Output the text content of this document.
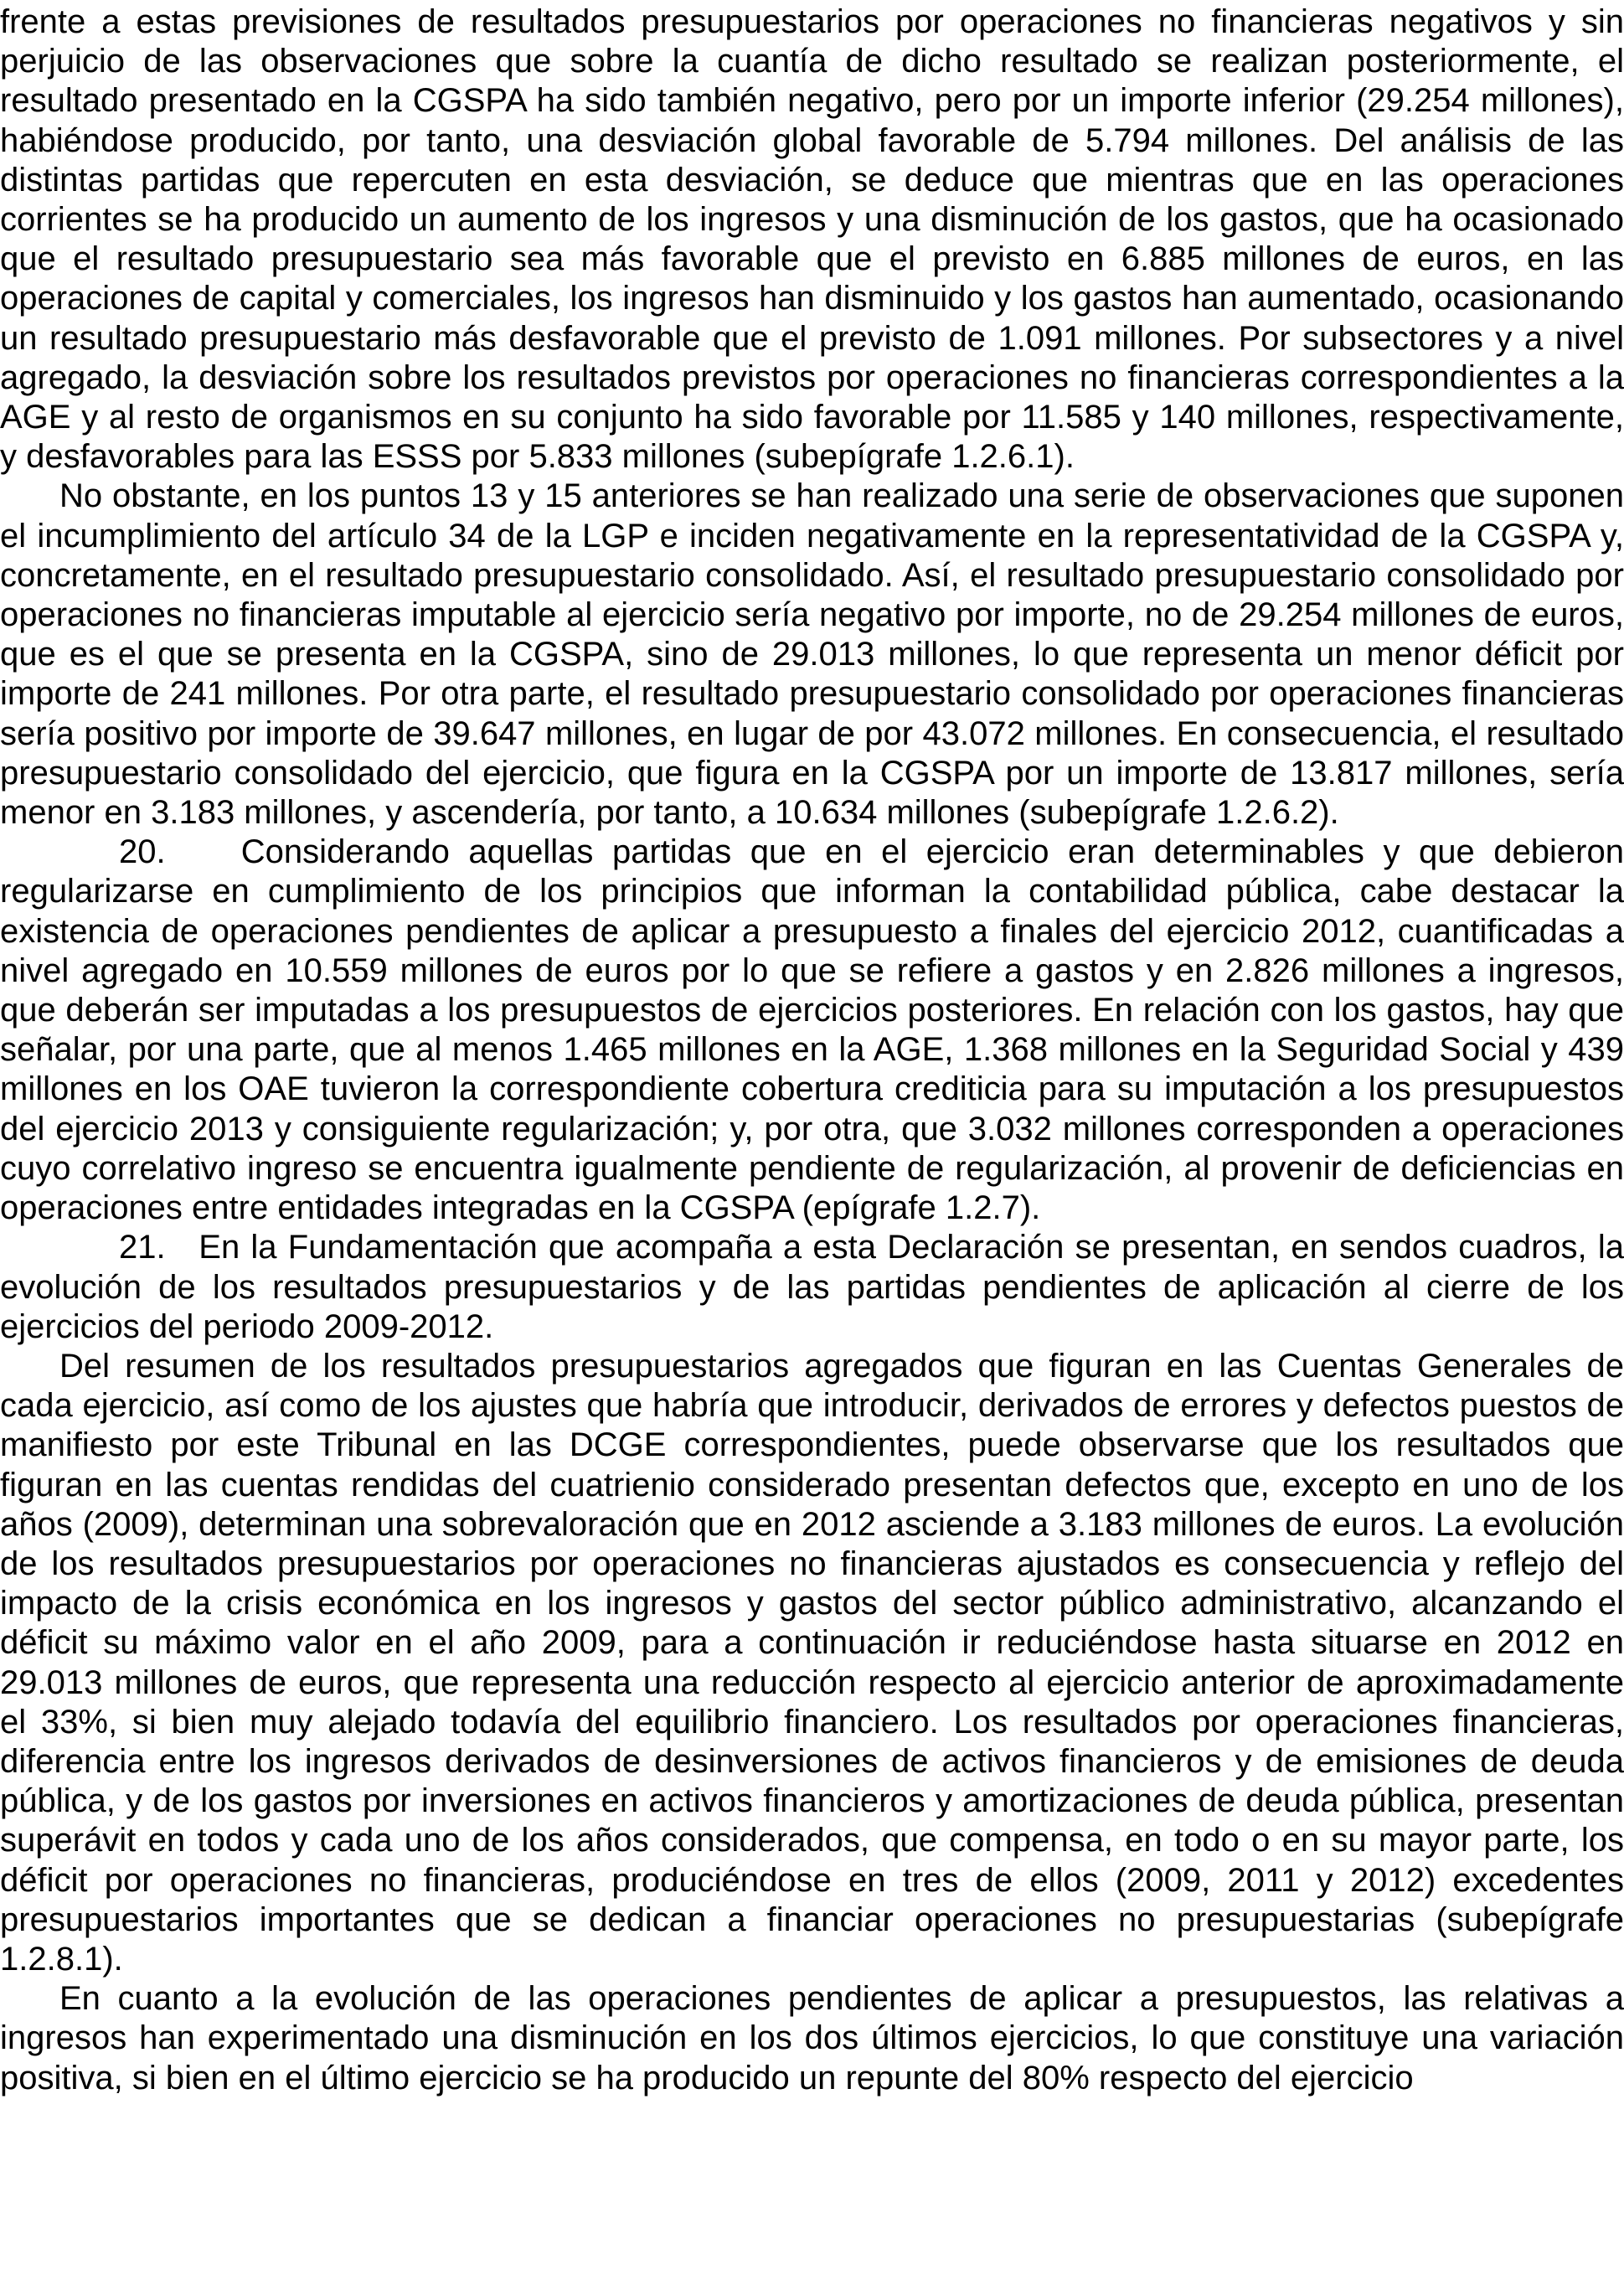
frente a estas previsiones de resultados presupuestarios por operaciones no financieras negativos y sin perjuicio de las observaciones que sobre la cuantía de dicho resultado se realizan posteriormente, el resultado presentado en la CGSPA ha sido también negativo, pero por un importe inferior (29.254 millones), habiéndose producido, por tanto, una desviación global favorable de 5.794 millones. Del análisis de las distintas partidas que repercuten en esta desviación, se deduce que mientras que en las operaciones corrientes se ha producido un aumento de los ingresos y una disminución de los gastos, que ha ocasionado que el resultado presupuestario sea más favorable que el previsto en 6.885 millones de euros, en las operaciones de capital y comerciales, los ingresos han disminuido y los gastos han aumentado, ocasionando un resultado presupuestario más desfavorable que el previsto de 1.091 millones. Por subsectores y a nivel agregado, la desviación sobre los resultados previstos por operaciones no financieras correspondientes a la AGE y al resto de organismos en su conjunto ha sido favorable por 11.585 y 140 millones, respectivamente, y desfavorables para las ESSS por 5.833 millones (subepígrafe 1.2.6.1).

No obstante, en los puntos 13 y 15 anteriores se han realizado una serie de observaciones que suponen el incumplimiento del artículo 34 de la LGP e inciden negativamente en la representatividad de la CGSPA y, concretamente, en el resultado presupuestario consolidado. Así, el resultado presupuestario consolidado por operaciones no financieras imputable al ejercicio sería negativo por importe, no de 29.254 millones de euros, que es el que se presenta en la CGSPA, sino de 29.013 millones, lo que representa un menor déficit por importe de 241 millones. Por otra parte, el resultado presupuestario consolidado por operaciones financieras sería positivo por importe de 39.647 millones, en lugar de por 43.072 millones. En consecuencia, el resultado presupuestario consolidado del ejercicio, que figura en la CGSPA por un importe de 13.817 millones, sería menor en 3.183 millones, y ascendería, por tanto, a 10.634 millones (subepígrafe 1.2.6.2).

20. Considerando aquellas partidas que en el ejercicio eran determinables y que debieron regularizarse en cumplimiento de los principios que informan la contabilidad pública, cabe destacar la existencia de operaciones pendientes de aplicar a presupuesto a finales del ejercicio 2012, cuantificadas a nivel agregado en 10.559 millones de euros por lo que se refiere a gastos y en 2.826 millones a ingresos, que deberán ser imputadas a los presupuestos de ejercicios posteriores. En relación con los gastos, hay que señalar, por una parte, que al menos 1.465 millones en la AGE, 1.368 millones en la Seguridad Social y 439 millones en los OAE tuvieron la correspondiente cobertura crediticia para su imputación a los presupuestos del ejercicio 2013 y consiguiente regularización; y, por otra, que 3.032 millones corresponden a operaciones cuyo correlativo ingreso se encuentra igualmente pendiente de regularización, al provenir de deficiencias en operaciones entre entidades integradas en la CGSPA (epígrafe 1.2.7).

21. En la Fundamentación que acompaña a esta Declaración se presentan, en sendos cuadros, la evolución de los resultados presupuestarios y de las partidas pendientes de aplicación al cierre de los ejercicios del periodo 2009-2012.

Del resumen de los resultados presupuestarios agregados que figuran en las Cuentas Generales de cada ejercicio, así como de los ajustes que habría que introducir, derivados de errores y defectos puestos de manifiesto por este Tribunal en las DCGE correspondientes, puede observarse que los resultados que figuran en las cuentas rendidas del cuatrienio considerado presentan defectos que, excepto en uno de los años (2009), determinan una sobrevaloración que en 2012 asciende a 3.183 millones de euros. La evolución de los resultados presupuestarios por operaciones no financieras ajustados es consecuencia y reflejo del impacto de la crisis económica en los ingresos y gastos del sector público administrativo, alcanzando el déficit su máximo valor en el año 2009, para a continuación ir reduciéndose hasta situarse en 2012 en 29.013 millones de euros, que representa una reducción respecto al ejercicio anterior de aproximadamente el 33%, si bien muy alejado todavía del equilibrio financiero. Los resultados por operaciones financieras, diferencia entre los ingresos derivados de desinversiones de activos financieros y de emisiones de deuda pública, y de los gastos por inversiones en activos financieros y amortizaciones de deuda pública, presentan superávit en todos y cada uno de los años considerados, que compensa, en todo o en su mayor parte, los déficit por operaciones no financieras, produciéndose en tres de ellos (2009, 2011 y 2012) excedentes presupuestarios importantes que se dedican a financiar operaciones no presupuestarias (subepígrafe 1.2.8.1).

En cuanto a la evolución de las operaciones pendientes de aplicar a presupuestos, las relativas a ingresos han experimentado una disminución en los dos últimos ejercicios, lo que constituye una variación positiva, si bien en el último ejercicio se ha producido un repunte del 80% respecto del ejercicio
